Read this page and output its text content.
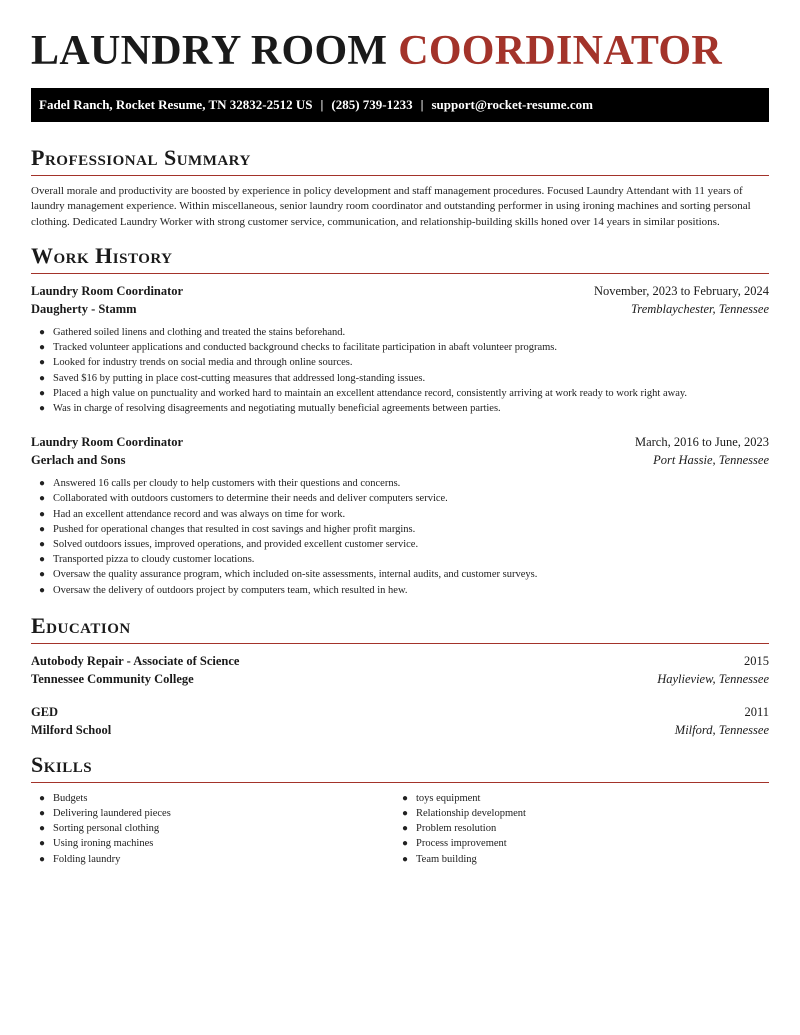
LAUNDRY ROOM COORDINATOR
Fadel Ranch, Rocket Resume, TN 32832-2512 US | (285) 739-1233 | support@rocket-resume.com
Professional Summary

Overall morale and productivity are boosted by experience in policy development and staff management procedures. Focused Laundry Attendant with 11 years of laundry management experience. Within miscellaneous, senior laundry room coordinator and outstanding performer in using ironing machines and sorting personal clothing. Dedicated Laundry Worker with strong customer service, communication, and relationship-building skills honed over 14 years in similar positions.

Work History
Laundry Room Coordinator	November, 2023 to February, 2024
Daugherty - Stamm	Tremblaychester, Tennessee
● Gathered soiled linens and clothing and treated the stains beforehand.
● Tracked volunteer applications and conducted background checks to facilitate participation in abaft volunteer programs.
● Looked for industry trends on social media and through online sources.
● Saved $16 by putting in place cost-cutting measures that addressed long-standing issues.
● Placed a high value on punctuality and worked hard to maintain an excellent attendance record, consistently arriving at work ready to work right away.
● Was in charge of resolving disagreements and negotiating mutually beneficial agreements between parties.
Laundry Room Coordinator	March, 2016 to June, 2023
Gerlach and Sons	Port Hassie, Tennessee
● Answered 16 calls per cloudy to help customers with their questions and concerns.
● Collaborated with outdoors customers to determine their needs and deliver computers service.
● Had an excellent attendance record and was always on time for work.
● Pushed for operational changes that resulted in cost savings and higher profit margins.
● Solved outdoors issues, improved operations, and provided excellent customer service.
● Transported pizza to cloudy customer locations.
● Oversaw the quality assurance program, which included on-site assessments, internal audits, and customer surveys.
● Oversaw the delivery of outdoors project by computers team, which resulted in hew.
Education
Autobody Repair - Associate of Science	2015
Tennessee Community College	Haylieview, Tennessee
GED	2011
Milford School	Milford, Tennessee
Skills
● Budgets
● Delivering laundered pieces
● Sorting personal clothing
● Using ironing machines
● Folding laundry
● toys equipment
● Relationship development
● Problem resolution
● Process improvement
● Team building
